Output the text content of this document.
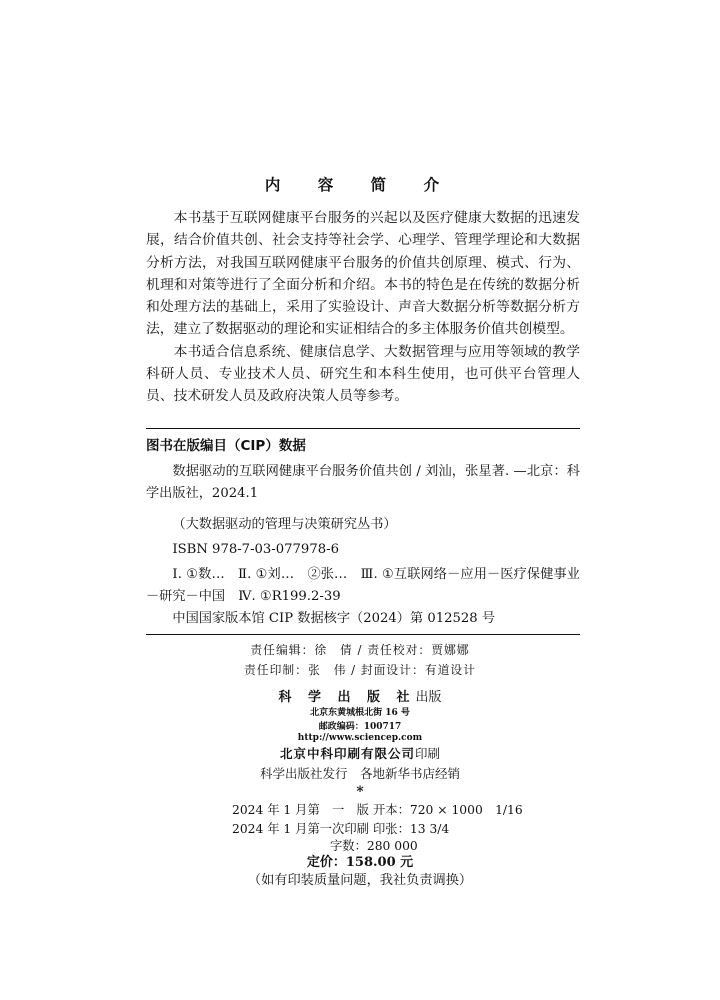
内 容 简 介

本书基于互联网健康平台服务的兴起以及医疗健康大数据的迅速发展，结合价值共创、社会支持等社会学、心理学、管理学理论和大数据分析方法，对我国互联网健康平台服务的价值共创原理、模式、行为、机理和对策等进行了全面分析和介绍。本书的特色是在传统的数据分析和处理方法的基础上，采用了实验设计、声音大数据分析等数据分析方法，建立了数据驱动的理论和实证相结合的多主体服务价值共创模型。

本书适合信息系统、健康信息学、大数据管理与应用等领域的教学科研人员、专业技术人员、研究生和本科生使用，也可供平台管理人员、技术研发人员及政府决策人员等参考。

图书在版编目（CIP）数据
数据驱动的互联网健康平台服务价值共创 / 刘汕，张星著. —北京：科学出版社，2024.1
（大数据驱动的管理与决策研究丛书）
ISBN 978-7-03-077978-6
Ⅰ. ①数…　Ⅱ. ①刘…　②张…　Ⅲ. ①互联网络－应用－医疗保健事业－研究－中国　Ⅳ. ①R199.2-39
中国国家版本馆 CIP 数据核字（2024）第 012528 号
责任编辑：徐　倩 / 责任校对：贾娜娜
责任印制：张　伟 / 封面设计：有道设计
科 学 出 版 社出版
北京东黄城根北街 16 号
邮政编码：100717
http://www.sciencep.com
北京中科印刷有限公司印刷
科学出版社发行　各地新华书店经销
*
2024 年 1 月第　一　版 开本：720 × 1000　1/16
2024 年 1 月第一次印刷 印张：13 3/4
字数：280 000
定价：158.00 元
（如有印装质量问题，我社负责调换）
